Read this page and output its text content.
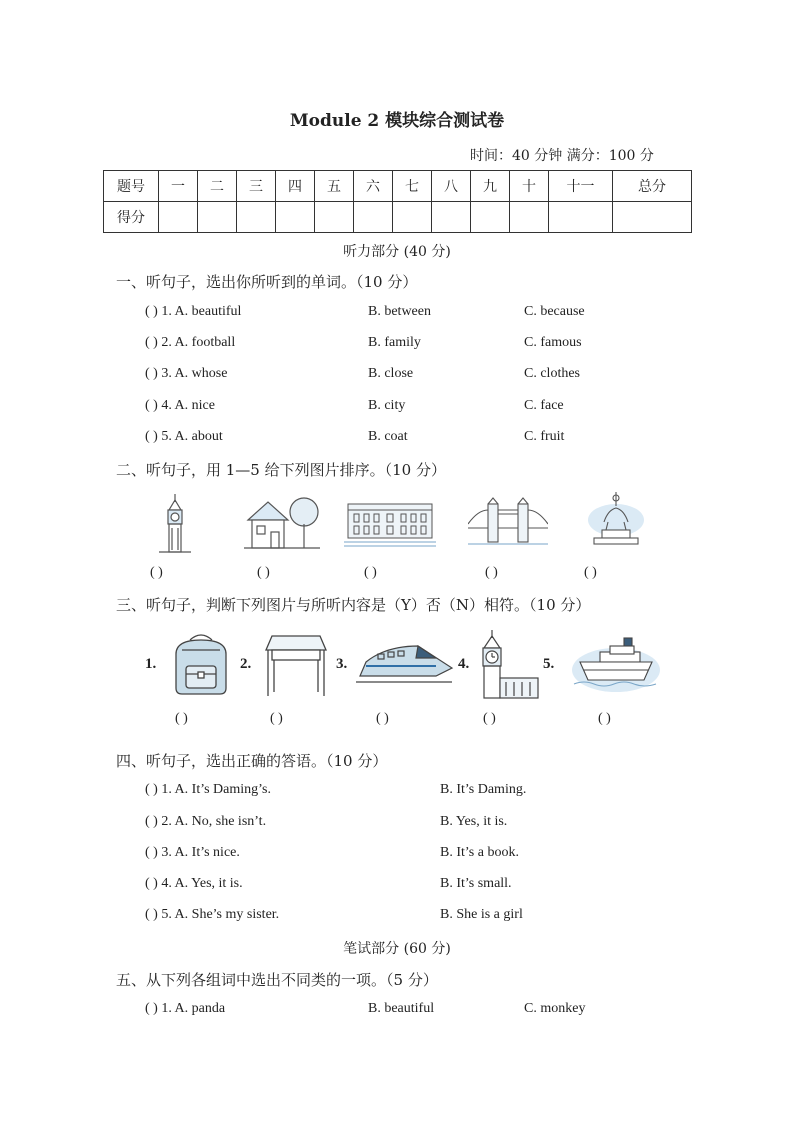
Module 2 模块综合测试卷
时间：40 分钟 满分：100 分
题号	一	二	三	四	五	六	七	八	九	十	十一	总分
得分												
听力部分 (40 分)
一、听句子，选出你所听到的单词。（10 分）
( ) 1. A. beautiful	B. between	C. because
( ) 2. A. football	B. family	C. famous
( ) 3. A. whose	B. close	C. clothes
( ) 4. A. nice	B. city	C. face
( ) 5. A. about	B. coat	C. fruit
二、听句子，用 1—5 给下列图片排序。（10 分）
( )	( )	( )	( )	( )
三、听句子，判断下列图片与所听内容是（Y）否（N）相符。（10 分）
1.	2.	3.	4.	5.
( )	( )	( )	( )	( )
四、听句子，选出正确的答语。（10 分）
( ) 1. A. It’s Daming’s.	B. It’s Daming.
( ) 2. A. No, she isn’t.	B. Yes, it is.
( ) 3. A. It’s nice.	B. It’s a book.
( ) 4. A. Yes, it is.	B. It’s small.
( ) 5. A. She’s my sister.	B. She is a girl
笔试部分 (60 分)
五、从下列各组词中选出不同类的一项。（5 分）
( ) 1. A. panda	B. beautiful	C. monkey
